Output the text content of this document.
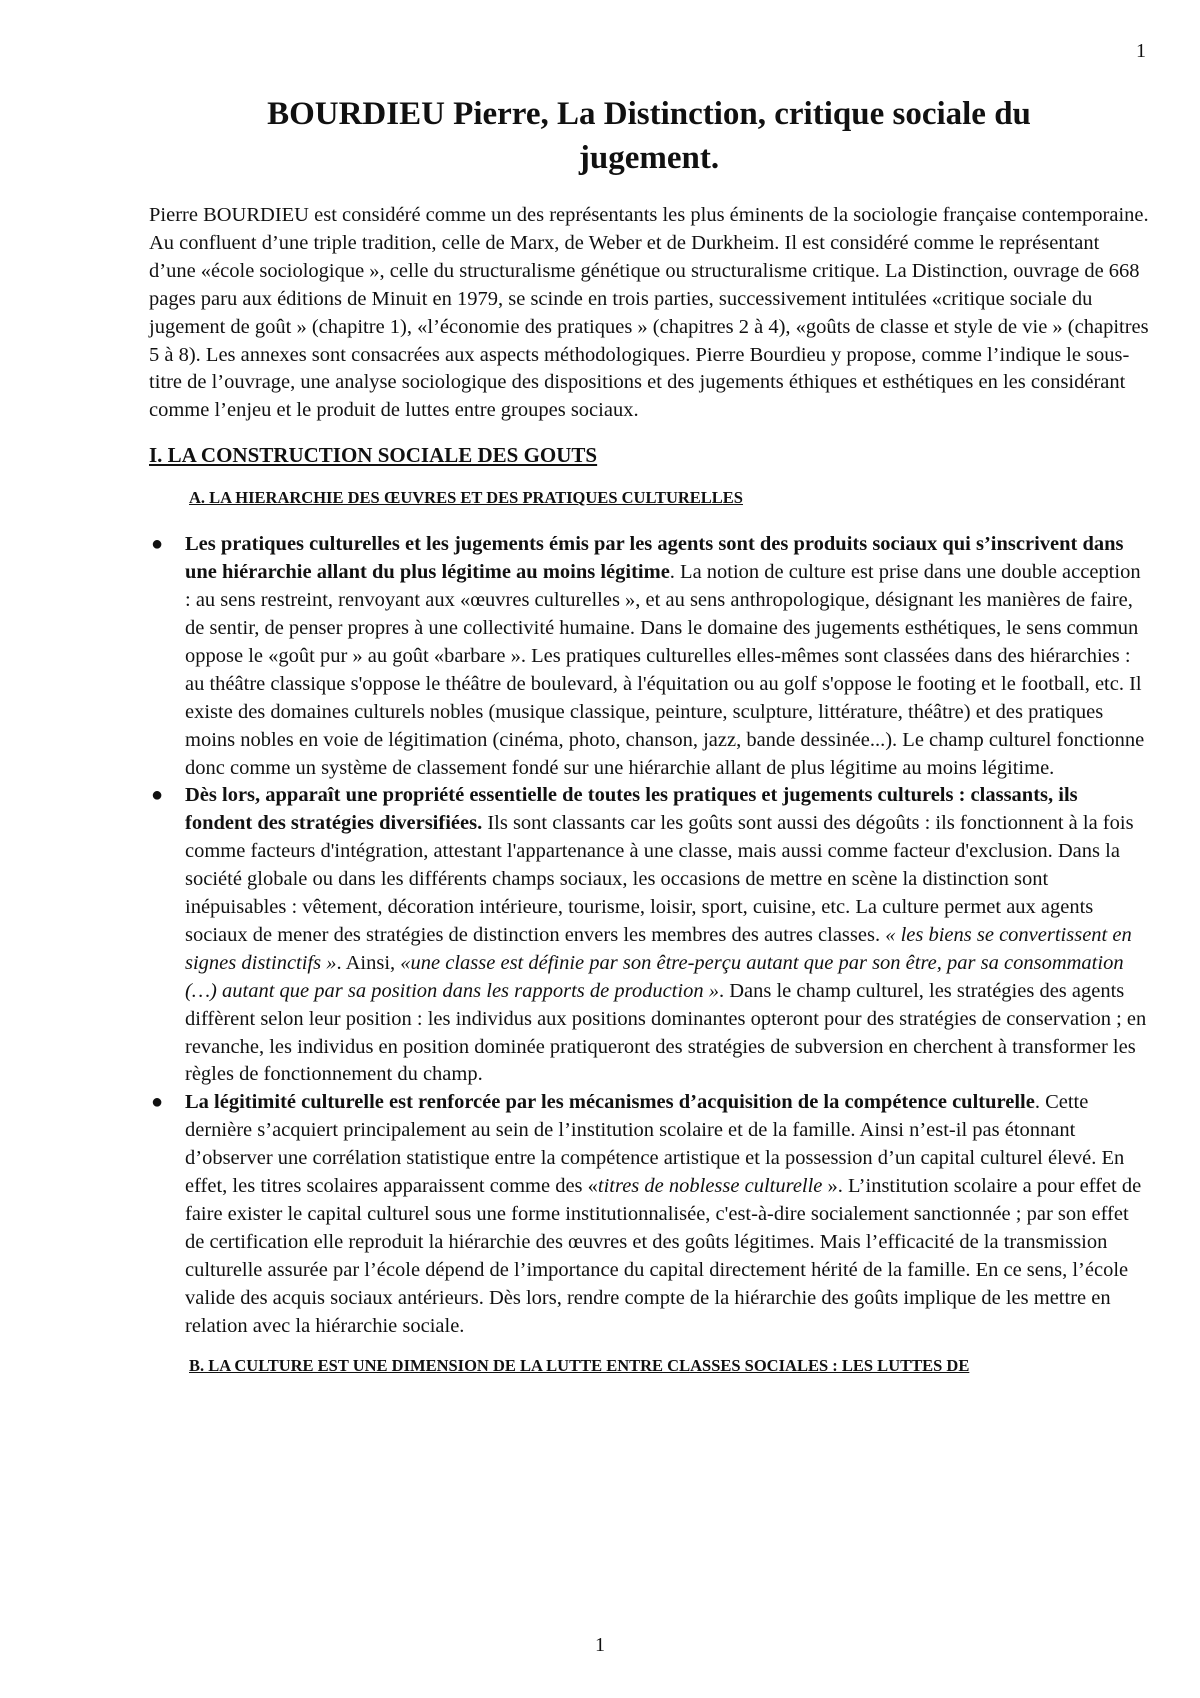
1
BOURDIEU Pierre, La Distinction, critique sociale du
jugement.

Pierre BOURDIEU est considéré comme un des représentants les plus éminents de la sociologie française contemporaine. Au confluent d’une triple tradition, celle de Marx, de Weber et de Durkheim. Il est considéré comme le représentant d’une «école sociologique », celle du structuralisme génétique ou structuralisme critique. La Distinction, ouvrage de 668 pages paru aux éditions de Minuit en 1979, se scinde en trois parties, successivement intitulées «critique sociale du jugement de goût » (chapitre 1), «l’économie des pratiques » (chapitres 2 à 4), «goûts de classe et style de vie » (chapitres 5 à 8). Les annexes sont consacrées aux aspects méthodologiques. Pierre Bourdieu y propose, comme l’indique le sous-titre de l’ouvrage, une analyse sociologique des dispositions et des jugements éthiques et esthétiques en les considérant comme l’enjeu et le produit de luttes entre groupes sociaux.

I. LA CONSTRUCTION SOCIALE DES GOUTS
A. LA HIERARCHIE DES ŒUVRES ET DES PRATIQUES CULTURELLES
● Les pratiques culturelles et les jugements émis par les agents sont des produits sociaux qui s’inscrivent dans une hiérarchie allant du plus légitime au moins légitime. La notion de culture est prise dans une double acception : au sens restreint, renvoyant aux «œuvres culturelles », et au sens anthropologique, désignant les manières de faire, de sentir, de penser propres à une collectivité humaine. Dans le domaine des jugements esthétiques, le sens commun oppose le «goût pur » au goût «barbare ». Les pratiques culturelles elles-mêmes sont classées dans des hiérarchies : au théâtre classique s'oppose le théâtre de boulevard, à l'équitation ou au golf s'oppose le footing et le football, etc. Il existe des domaines culturels nobles (musique classique, peinture, sculpture, littérature, théâtre) et des pratiques moins nobles en voie de légitimation (cinéma, photo, chanson, jazz, bande dessinée...). Le champ culturel fonctionne donc comme un système de classement fondé sur une hiérarchie allant de plus légitime au moins légitime.
● Dès lors, apparaît une propriété essentielle de toutes les pratiques et jugements culturels : classants, ils fondent des stratégies diversifiées. Ils sont classants car les goûts sont aussi des dégoûts : ils fonctionnent à la fois comme facteurs d'intégration, attestant l'appartenance à une classe, mais aussi comme facteur d'exclusion. Dans la société globale ou dans les différents champs sociaux, les occasions de mettre en scène la distinction sont inépuisables : vêtement, décoration intérieure, tourisme, loisir, sport, cuisine, etc. La culture permet aux agents sociaux de mener des stratégies de distinction envers les membres des autres classes. « les biens se convertissent en signes distinctifs ». Ainsi, «une classe est définie par son être-perçu autant que par son être, par sa consommation (…) autant que par sa position dans les rapports de production ». Dans le champ culturel, les stratégies des agents diffèrent selon leur position : les individus aux positions dominantes opteront pour des stratégies de conservation ; en revanche, les individus en position dominée pratiqueront des stratégies de subversion en cherchent à transformer les règles de fonctionnement du champ.
● La légitimité culturelle est renforcée par les mécanismes d’acquisition de la compétence culturelle. Cette dernière s’acquiert principalement au sein de l’institution scolaire et de la famille. Ainsi n’est-il pas étonnant d’observer une corrélation statistique entre la compétence artistique et la possession d’un capital culturel élevé. En effet, les titres scolaires apparaissent comme des «titres de noblesse culturelle ». L’institution scolaire a pour effet de faire exister le capital culturel sous une forme institutionnalisée, c'est-à-dire socialement sanctionnée ; par son effet de certification elle reproduit la hiérarchie des œuvres et des goûts légitimes. Mais l’efficacité de la transmission culturelle assurée par l’école dépend de l’importance du capital directement hérité de la famille. En ce sens, l’école valide des acquis sociaux antérieurs. Dès lors, rendre compte de la hiérarchie des goûts implique de les mettre en relation avec la hiérarchie sociale.
B. LA CULTURE EST UNE DIMENSION DE LA LUTTE ENTRE CLASSES SOCIALES : LES LUTTES DE
1
